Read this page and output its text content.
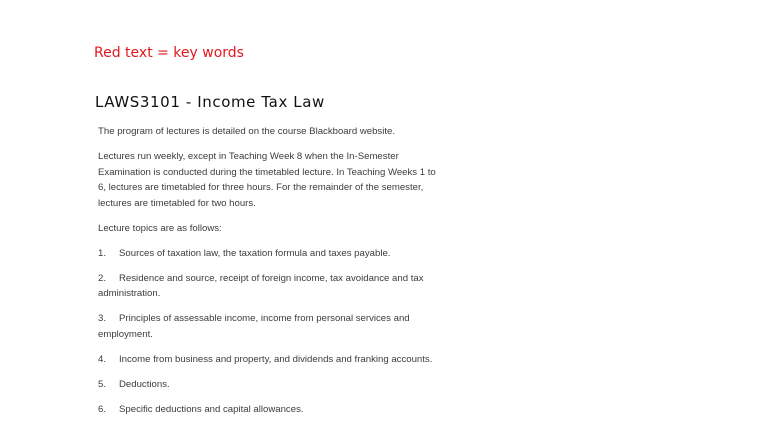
Red text = key words

LAWS3101 - Income Tax Law

The program of lectures is detailed on the course Blackboard website.

Lectures run weekly, except in Teaching Week 8 when the In-Semester Examination is conducted during the timetabled lecture. In Teaching Weeks 1 to 6, lectures are timetabled for three hours. For the remainder of the semester, lectures are timetabled for two hours.

Lecture topics are as follows:

1. Sources of taxation law, the taxation formula and taxes payable.
2. Residence and source, receipt of foreign income, tax avoidance and tax administration.
3. Principles of assessable income, income from personal services and employment.
4. Income from business and property, and dividends and franking accounts.
5. Deductions.
6. Specific deductions and capital allowances.
